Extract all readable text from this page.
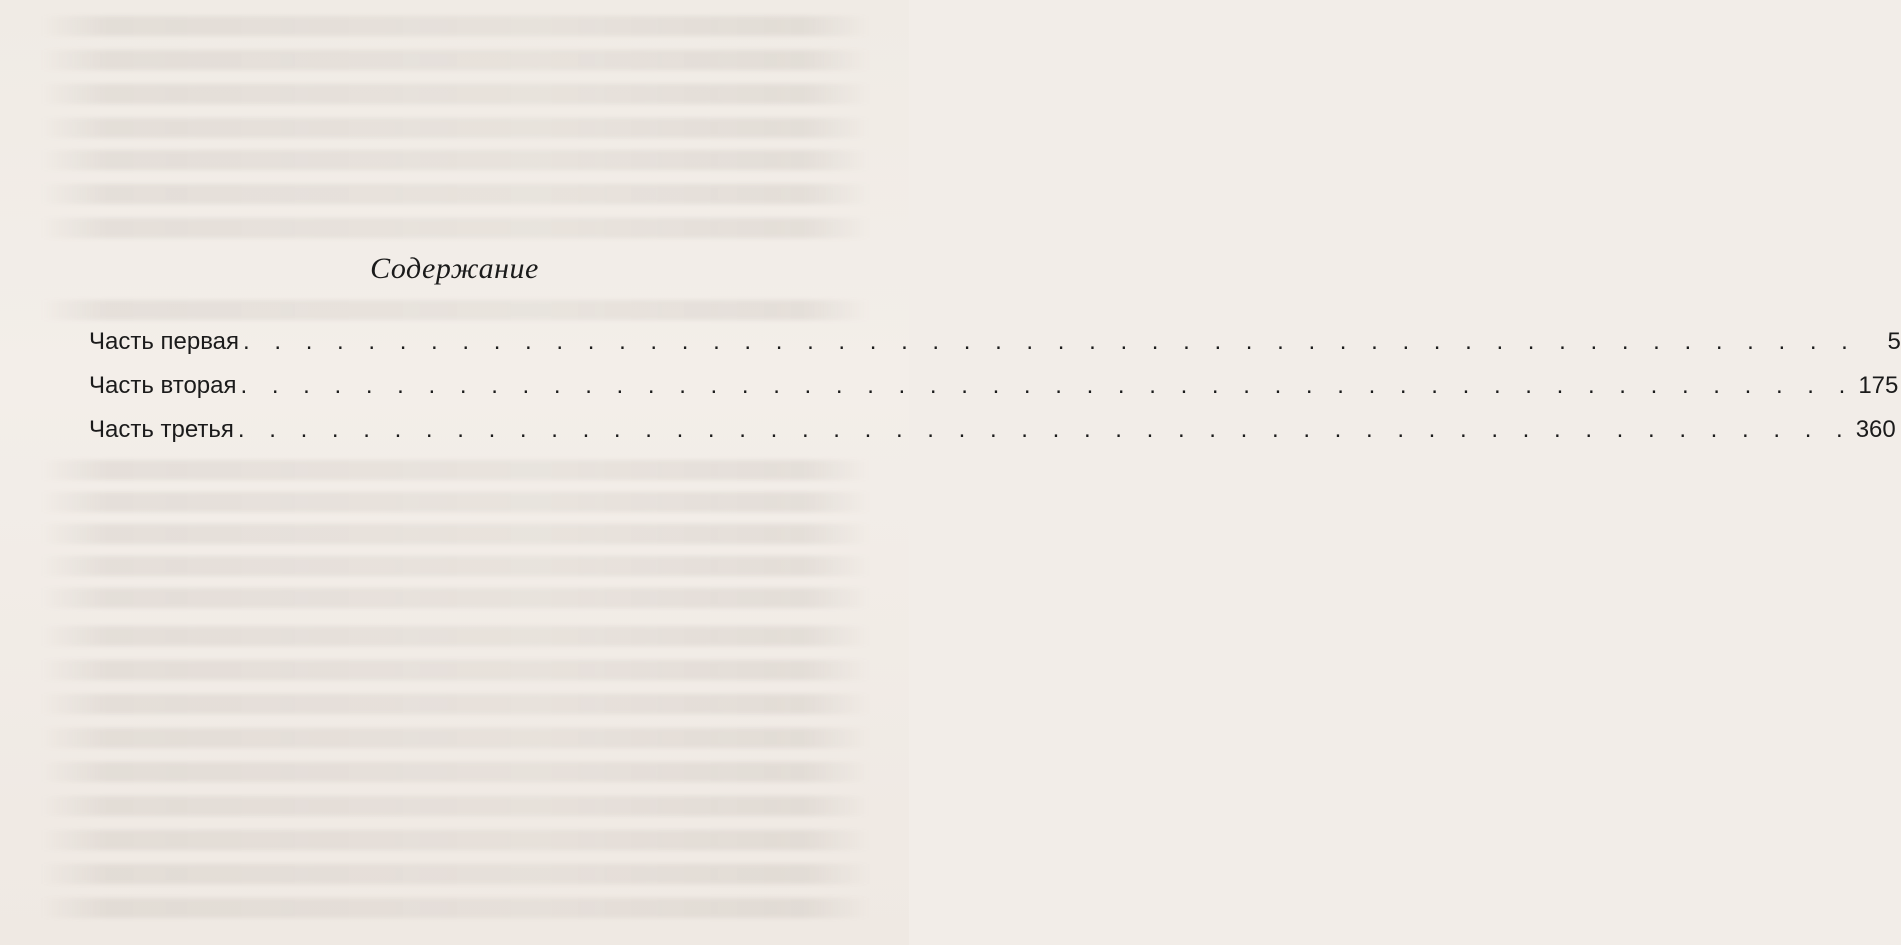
Содержание
Часть первая . . . . . . . . . . . . . . . . . . . . . . . . . . . . . . . . . . . . . . . . . . . . . . . . . . . .	5
Часть вторая . . . . . . . . . . . . . . . . . . . . . . . . . . . . . . . . . . . . . . . . . . . . . . . . . . . . 175
Часть третья . . . . . . . . . . . . . . . . . . . . . . . . . . . . . . . . . . . . . . . . . . . . . . . . . . . . 360
